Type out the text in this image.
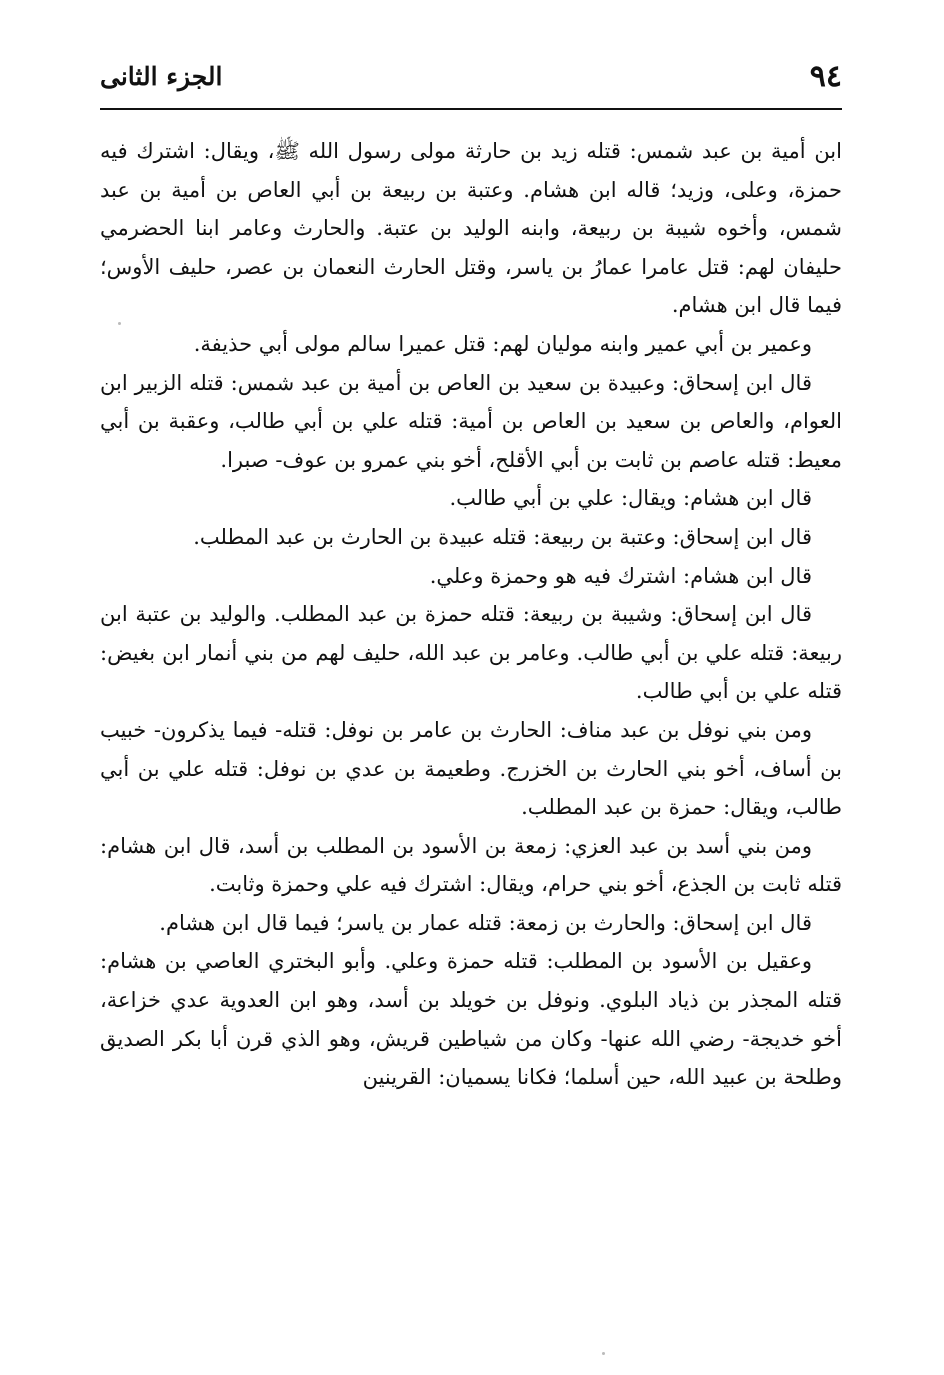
٩٤
الجزء الثانى

ابن أمية بن عبد شمس: قتله زيد بن حارثة مولى رسول الله ﷺ، ويقال: اشترك فيه حمزة، وعلى، وزيد؛ قاله ابن هشام. وعتبة بن ربيعة بن أبي العاص بن أمية بن عبد شمس، وأخوه شيبة بن ربيعة، وابنه الوليد بن عتبة. والحارث وعامر ابنا الحضرمي حليفان لهم: قتل عامرا عمارُ بن ياسر، وقتل الحارث النعمان بن عصر، حليف الأوس؛ فيما قال ابن هشام.

وعمير بن أبي عمير وابنه موليان لهم: قتل عميرا سالم مولى أبي حذيفة.

قال ابن إسحاق: وعبيدة بن سعيد بن العاص بن أمية بن عبد شمس: قتله الزبير ابن العوام، والعاص بن سعيد بن العاص بن أمية: قتله علي بن أبي طالب، وعقبة بن أبي معيط: قتله عاصم بن ثابت بن أبي الأقلح، أخو بني عمرو بن عوف- صبرا.

قال ابن هشام: ويقال: علي بن أبي طالب.

قال ابن إسحاق: وعتبة بن ربيعة: قتله عبيدة بن الحارث بن عبد المطلب.

قال ابن هشام: اشترك فيه هو وحمزة وعلي.

قال ابن إسحاق: وشيبة بن ربيعة: قتله حمزة بن عبد المطلب. والوليد بن عتبة ابن ربيعة: قتله علي بن أبي طالب. وعامر بن عبد الله، حليف لهم من بني أنمار ابن بغيض: قتله علي بن أبي طالب.

ومن بني نوفل بن عبد مناف: الحارث بن عامر بن نوفل: قتله- فيما يذكرون- خبيب بن أساف، أخو بني الحارث بن الخزرج. وطعيمة بن عدي بن نوفل: قتله علي بن أبي طالب، ويقال: حمزة بن عبد المطلب.

ومن بني أسد بن عبد العزي: زمعة بن الأسود بن المطلب بن أسد، قال ابن هشام: قتله ثابت بن الجذع، أخو بني حرام، ويقال: اشترك فيه علي وحمزة وثابت.

قال ابن إسحاق: والحارث بن زمعة: قتله عمار بن ياسر؛ فيما قال ابن هشام.

وعقيل بن الأسود بن المطلب: قتله حمزة وعلي. وأبو البختري العاصي بن هشام: قتله المجذر بن ذياد البلوي. ونوفل بن خويلد بن أسد، وهو ابن العدوية عدي خزاعة، أخو خديجة- رضي الله عنها- وكان من شياطين قريش، وهو الذي قرن أبا بكر الصديق وطلحة بن عبيد الله، حين أسلما؛ فكانا يسميان: القرينين
